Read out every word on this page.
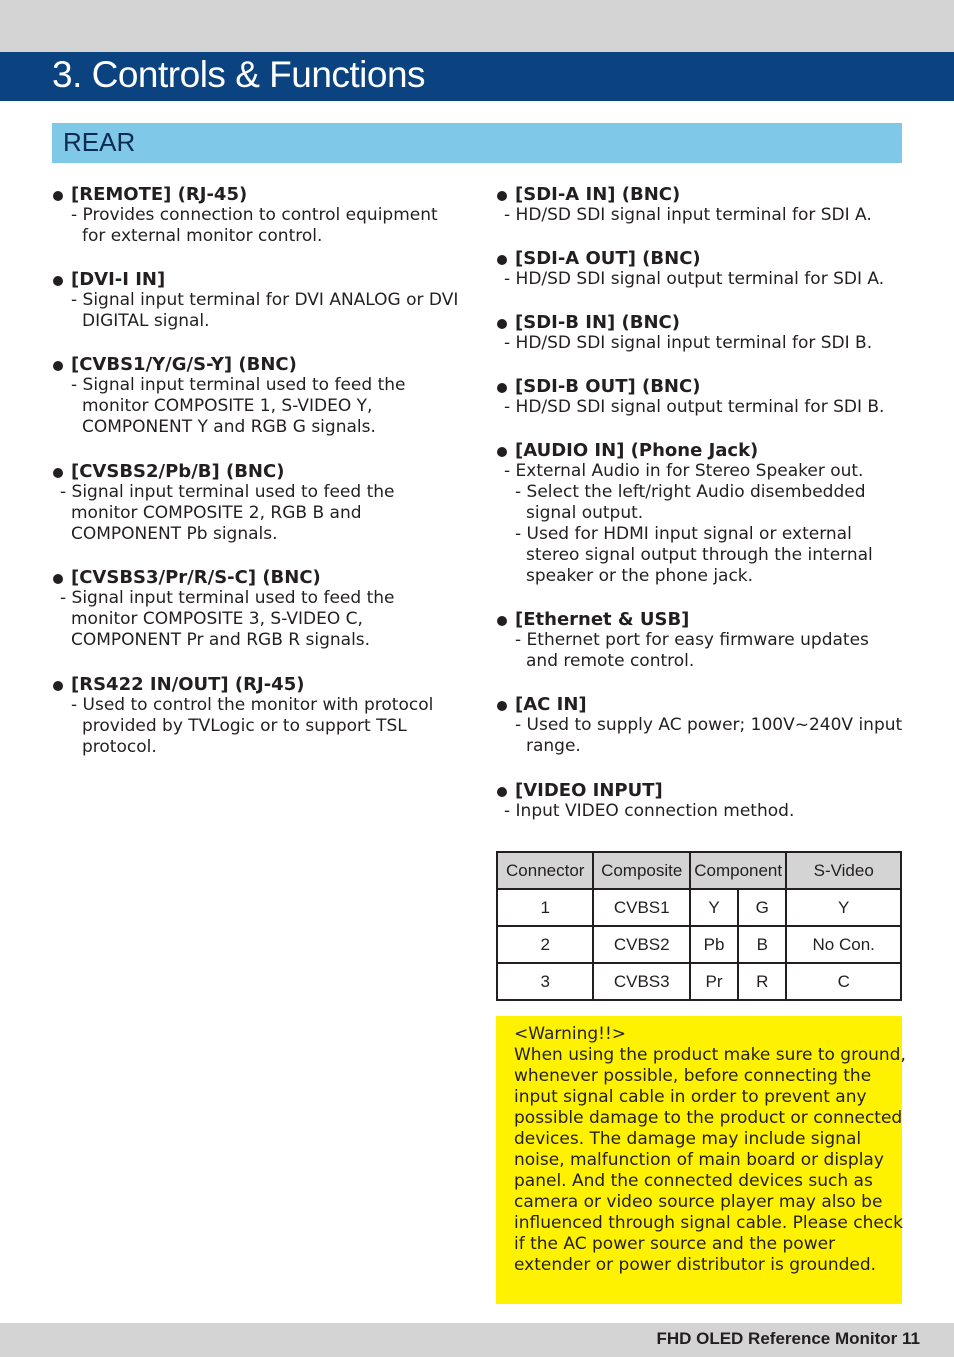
3. Controls & Functions
REAR
[REMOTE] (RJ-45)
- Provides connection to control equipment for external monitor control.
[DVI-I IN]
- Signal input terminal for DVI ANALOG or DVI DIGITAL signal.
[CVBS1/Y/G/S-Y] (BNC)
- Signal input terminal used to feed the monitor COMPOSITE 1, S-VIDEO Y, COMPONENT Y and RGB G signals.
[CVSBS2/Pb/B] (BNC)
- Signal input terminal used to feed the monitor COMPOSITE 2, RGB B and COMPONENT Pb signals.
[CVSBS3/Pr/R/S-C] (BNC)
- Signal input terminal used to feed the monitor COMPOSITE 3, S-VIDEO C, COMPONENT Pr and RGB R signals.
[RS422 IN/OUT] (RJ-45)
- Used to control the monitor with protocol provided by TVLogic or to support TSL protocol.
[SDI-A IN] (BNC)
- HD/SD SDI signal input terminal for SDI A.
[SDI-A OUT] (BNC)
- HD/SD SDI signal output terminal for SDI A.
[SDI-B IN] (BNC)
- HD/SD SDI signal input terminal for SDI B.
[SDI-B OUT] (BNC)
- HD/SD SDI signal output terminal for SDI B.
[AUDIO IN] (Phone Jack)
- External Audio in for Stereo Speaker out.
- Select the left/right Audio disembedded signal output.
- Used for HDMI input signal or external stereo signal output through the internal speaker or the phone jack.
[Ethernet & USB]
- Ethernet port for easy firmware updates and remote control.
[AC IN]
- Used to supply AC power; 100V~240V input range.
[VIDEO INPUT]
- Input VIDEO connection method.
Connector	Composite	Component		S-Video
1	CVBS1	Y	G	Y
2	CVBS2	Pb	B	No Con.
3	CVBS3	Pr	R	C
<Warning!!>
When using the product make sure to ground, whenever possible, before connecting the input signal cable in order to prevent any possible damage to the product or connected devices. The damage may include signal noise, malfunction of main board or display panel. And the connected devices such as camera or video source player may also be influenced through signal cable. Please check if the AC power source and the power extender or power distributor is grounded.
FHD OLED Reference Monitor 11
